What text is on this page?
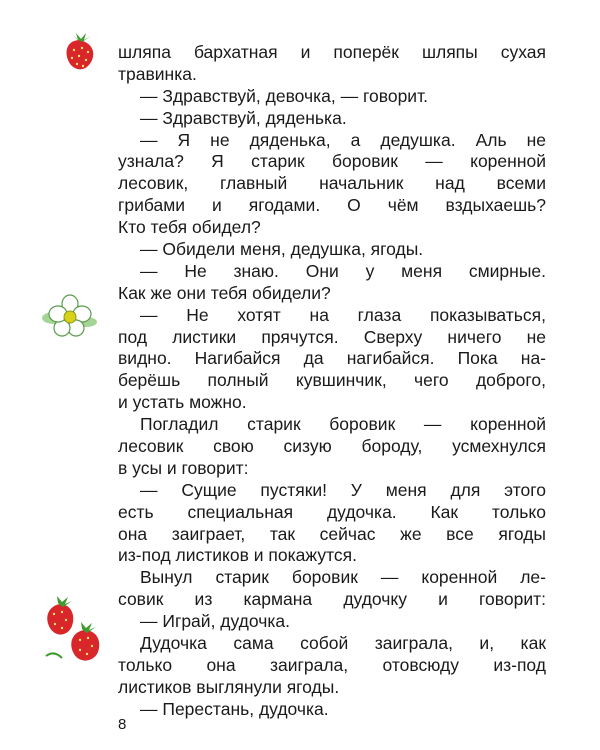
шляпа бархатная и поперёк шляпы сухая
травинка.
— Здравствуй, девочка, — говорит.
— Здравствуй, дяденька.
— Я не дяденька, а дедушка. Аль не
узнала? Я старик боровик — коренной
лесовик, главный начальник над всеми
грибами и ягодами. О чём вздыхаешь?
Кто тебя обидел?
— Обидели меня, дедушка, ягоды.
— Не знаю. Они у меня смирные.
Как же они тебя обидели?
— Не хотят на глаза показываться,
под листики прячутся. Сверху ничего не
видно. Нагибайся да нагибайся. Пока на-
берёшь полный кувшинчик, чего доброго,
и устать можно.
Погладил старик боровик — коренной
лесовик свою сизую бороду, усмехнулся
в усы и говорит:
— Сущие пустяки! У меня для этого
есть специальная дудочка. Как только
она заиграет, так сейчас же все ягоды
из-под листиков и покажутся.
Вынул старик боровик — коренной ле-
совик из кармана дудочку и говорит:
— Играй, дудочка.
Дудочка сама собой заиграла, и, как
только она заиграла, отовсюду из-под
листиков выглянули ягоды.
— Перестань, дудочка.
8
